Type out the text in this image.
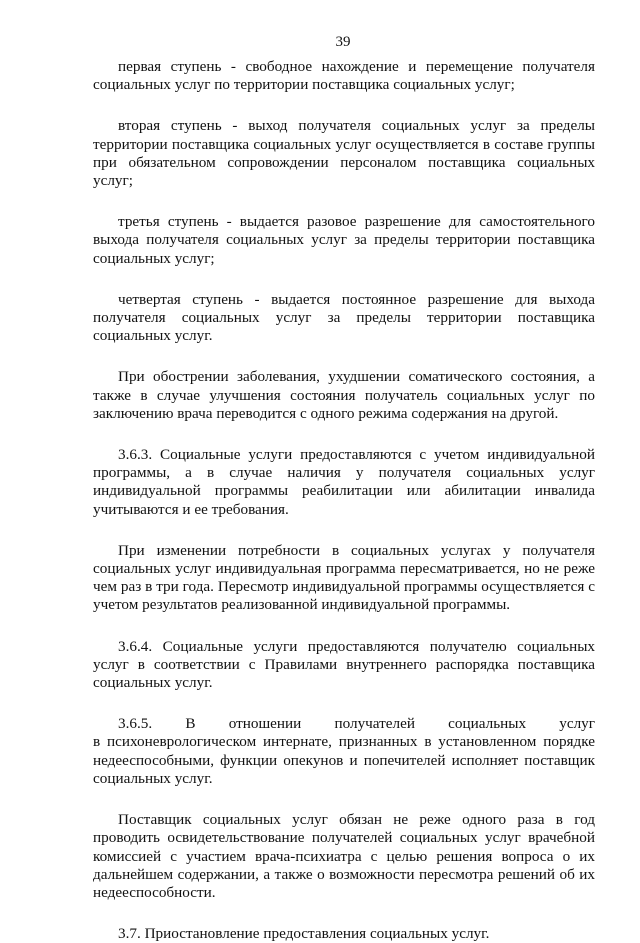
39

первая ступень - свободное нахождение и перемещение получателя социальных услуг по территории поставщика социальных услуг;

вторая ступень - выход получателя социальных услуг за пределы территории поставщика социальных услуг осуществляется в составе группы при обязательном сопровождении персоналом поставщика социальных услуг;

третья ступень - выдается разовое разрешение для самостоятельного выхода получателя социальных услуг за пределы территории поставщика социальных услуг;

четвертая ступень - выдается постоянное разрешение для выхода получателя социальных услуг за пределы территории поставщика социальных услуг.

При обострении заболевания, ухудшении соматического состояния, а также в случае улучшения состояния получатель социальных услуг по заключению врача переводится с одного режима содержания на другой.

3.6.3. Социальные услуги предоставляются с учетом индивидуальной программы, а в случае наличия у получателя социальных услуг индивидуальной программы реабилитации или абилитации инвалида учитываются и ее требования.

При изменении потребности в социальных услугах у получателя социальных услуг индивидуальная программа пересматривается, но не реже чем раз в три года. Пересмотр индивидуальной программы осуществляется с учетом результатов реализованной индивидуальной программы.

3.6.4. Социальные услуги предоставляются получателю социальных услуг в соответствии с Правилами внутреннего распорядка поставщика социальных услуг.

3.6.5. В отношении получателей социальных услуг
в психоневрологическом интернате, признанных в установленном порядке недееспособными, функции опекунов и попечителей исполняет поставщик социальных услуг.

Поставщик социальных услуг обязан не реже одного раза в год проводить освидетельствование получателей социальных услуг врачебной комиссией с участием врача-психиатра с целью решения вопроса о их дальнейшем содержании, а также о возможности пересмотра решений об их недееспособности.

3.7. Приостановление предоставления социальных услуг.
